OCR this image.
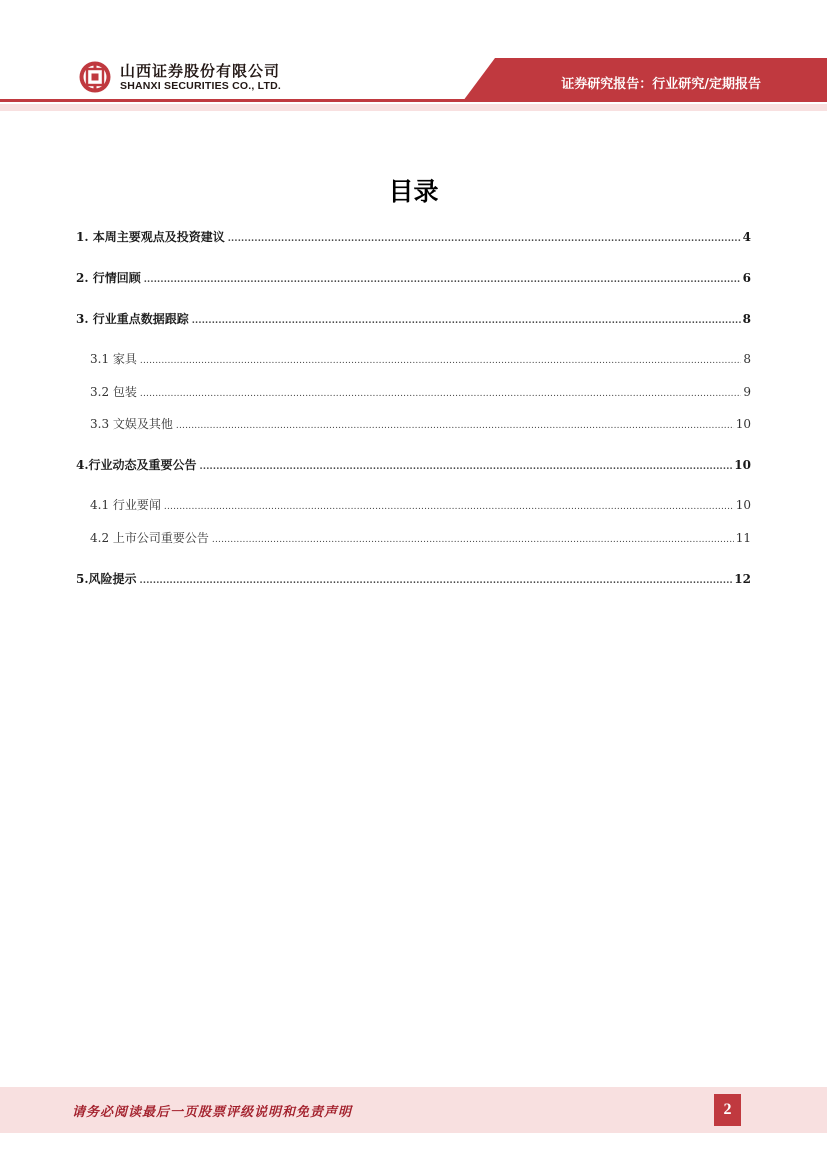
山西证券股份有限公司
SHANXI SECURITIES CO., LTD.	证券研究报告：行业研究/定期报告
目录
1. 本周主要观点及投资建议 .....	4
2. 行情回顾 .....	6
3. 行业重点数据跟踪 .....	8
3.1 家具 .....	8
3.2 包装 .....	9
3.3 文娱及其他 .....	10
4.行业动态及重要公告 .....	10
4.1 行业要闻 .....	10
4.2 上市公司重要公告 .....	11
5.风险提示 .....	12
请务必阅读最后一页股票评级说明和免责声明	2
